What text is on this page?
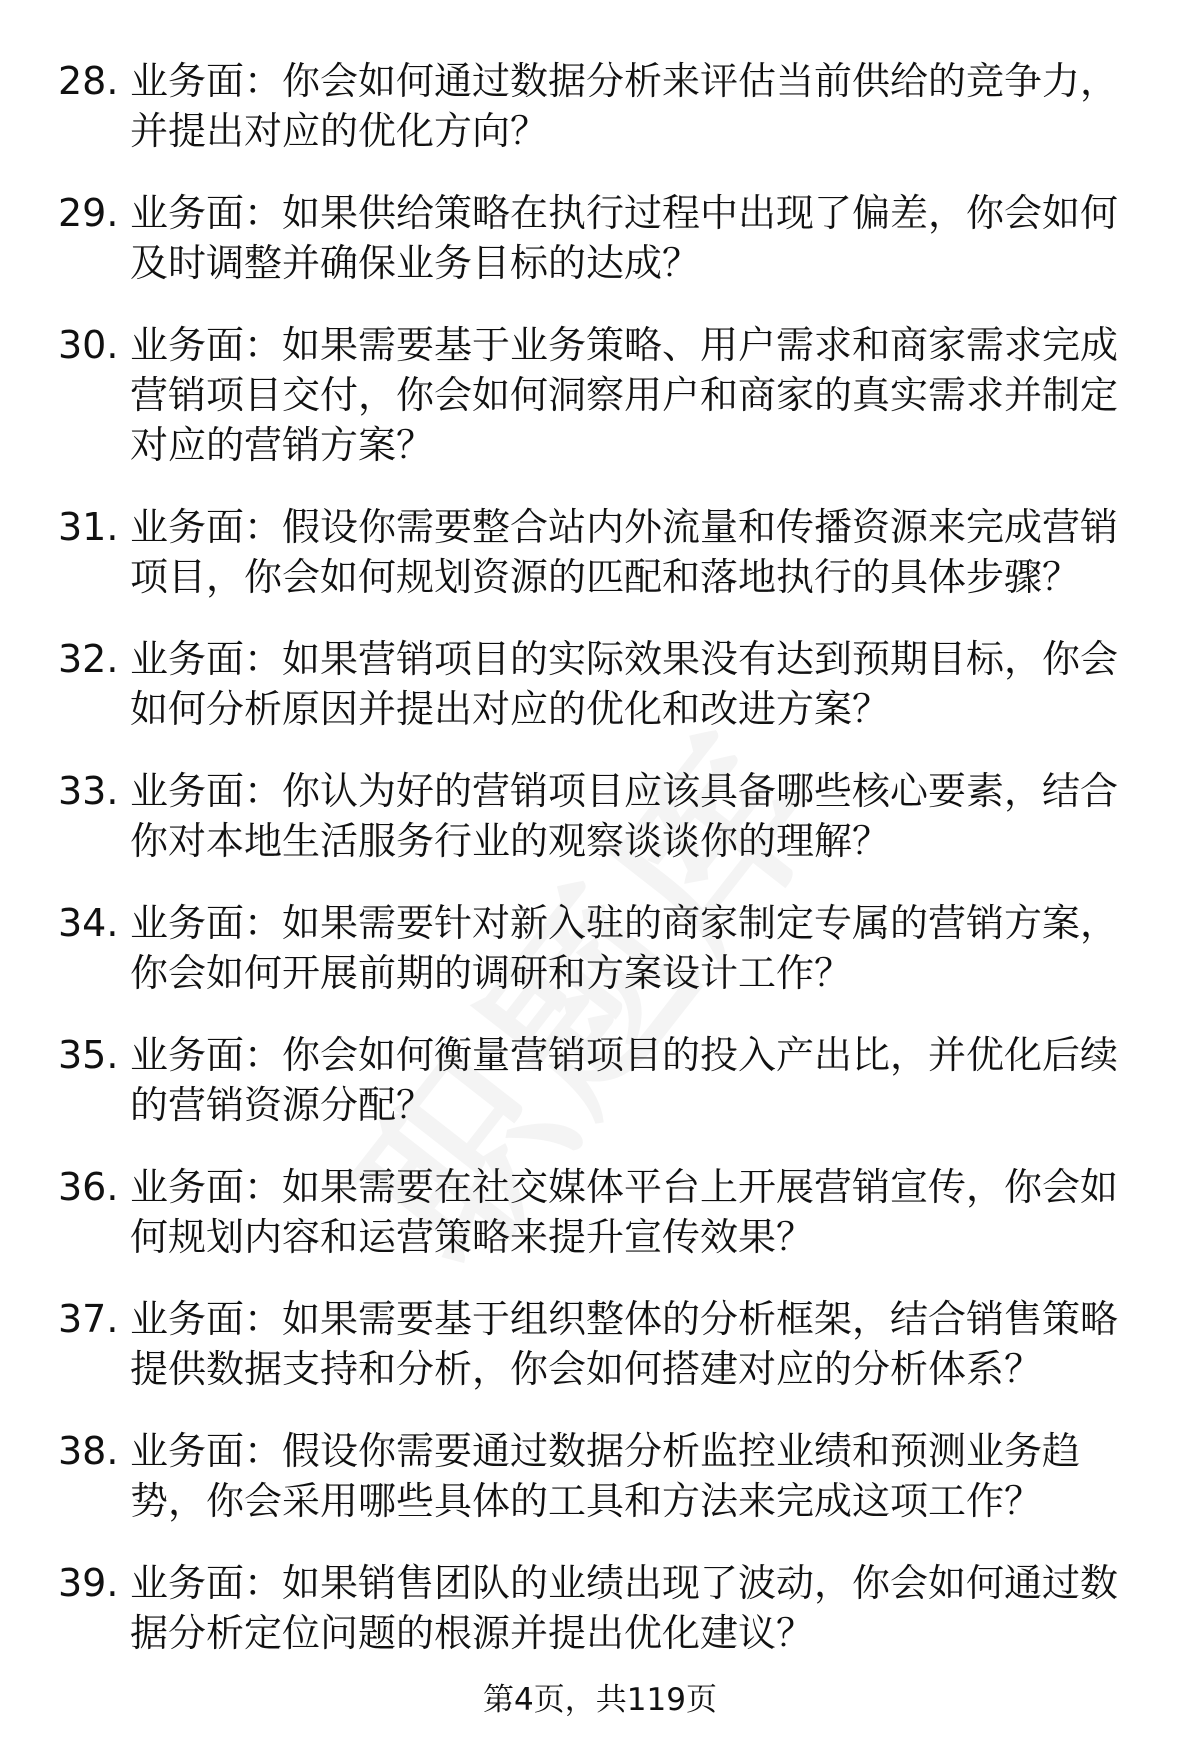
28. 业务面：你会如何通过数据分析来评估当前供给的竞争力，并提出对应的优化方向？
29. 业务面：如果供给策略在执行过程中出现了偏差，你会如何及时调整并确保业务目标的达成？
30. 业务面：如果需要基于业务策略、用户需求和商家需求完成营销项目交付，你会如何洞察用户和商家的真实需求并制定对应的营销方案？
31. 业务面：假设你需要整合站内外流量和传播资源来完成营销项目，你会如何规划资源的匹配和落地执行的具体步骤？
32. 业务面：如果营销项目的实际效果没有达到预期目标，你会如何分析原因并提出对应的优化和改进方案？
33. 业务面：你认为好的营销项目应该具备哪些核心要素，结合你对本地生活服务行业的观察谈谈你的理解？
34. 业务面：如果需要针对新入驻的商家制定专属的营销方案，你会如何开展前期的调研和方案设计工作？
35. 业务面：你会如何衡量营销项目的投入产出比，并优化后续的营销资源分配？
36. 业务面：如果需要在社交媒体平台上开展营销宣传，你会如何规划内容和运营策略来提升宣传效果？
37. 业务面：如果需要基于组织整体的分析框架，结合销售策略提供数据支持和分析，你会如何搭建对应的分析体系？
38. 业务面：假设你需要通过数据分析监控业绩和预测业务趋势，你会采用哪些具体的工具和方法来完成这项工作？
39. 业务面：如果销售团队的业绩出现了波动，你会如何通过数据分析定位问题的根源并提出优化建议？
第4页，共119页
